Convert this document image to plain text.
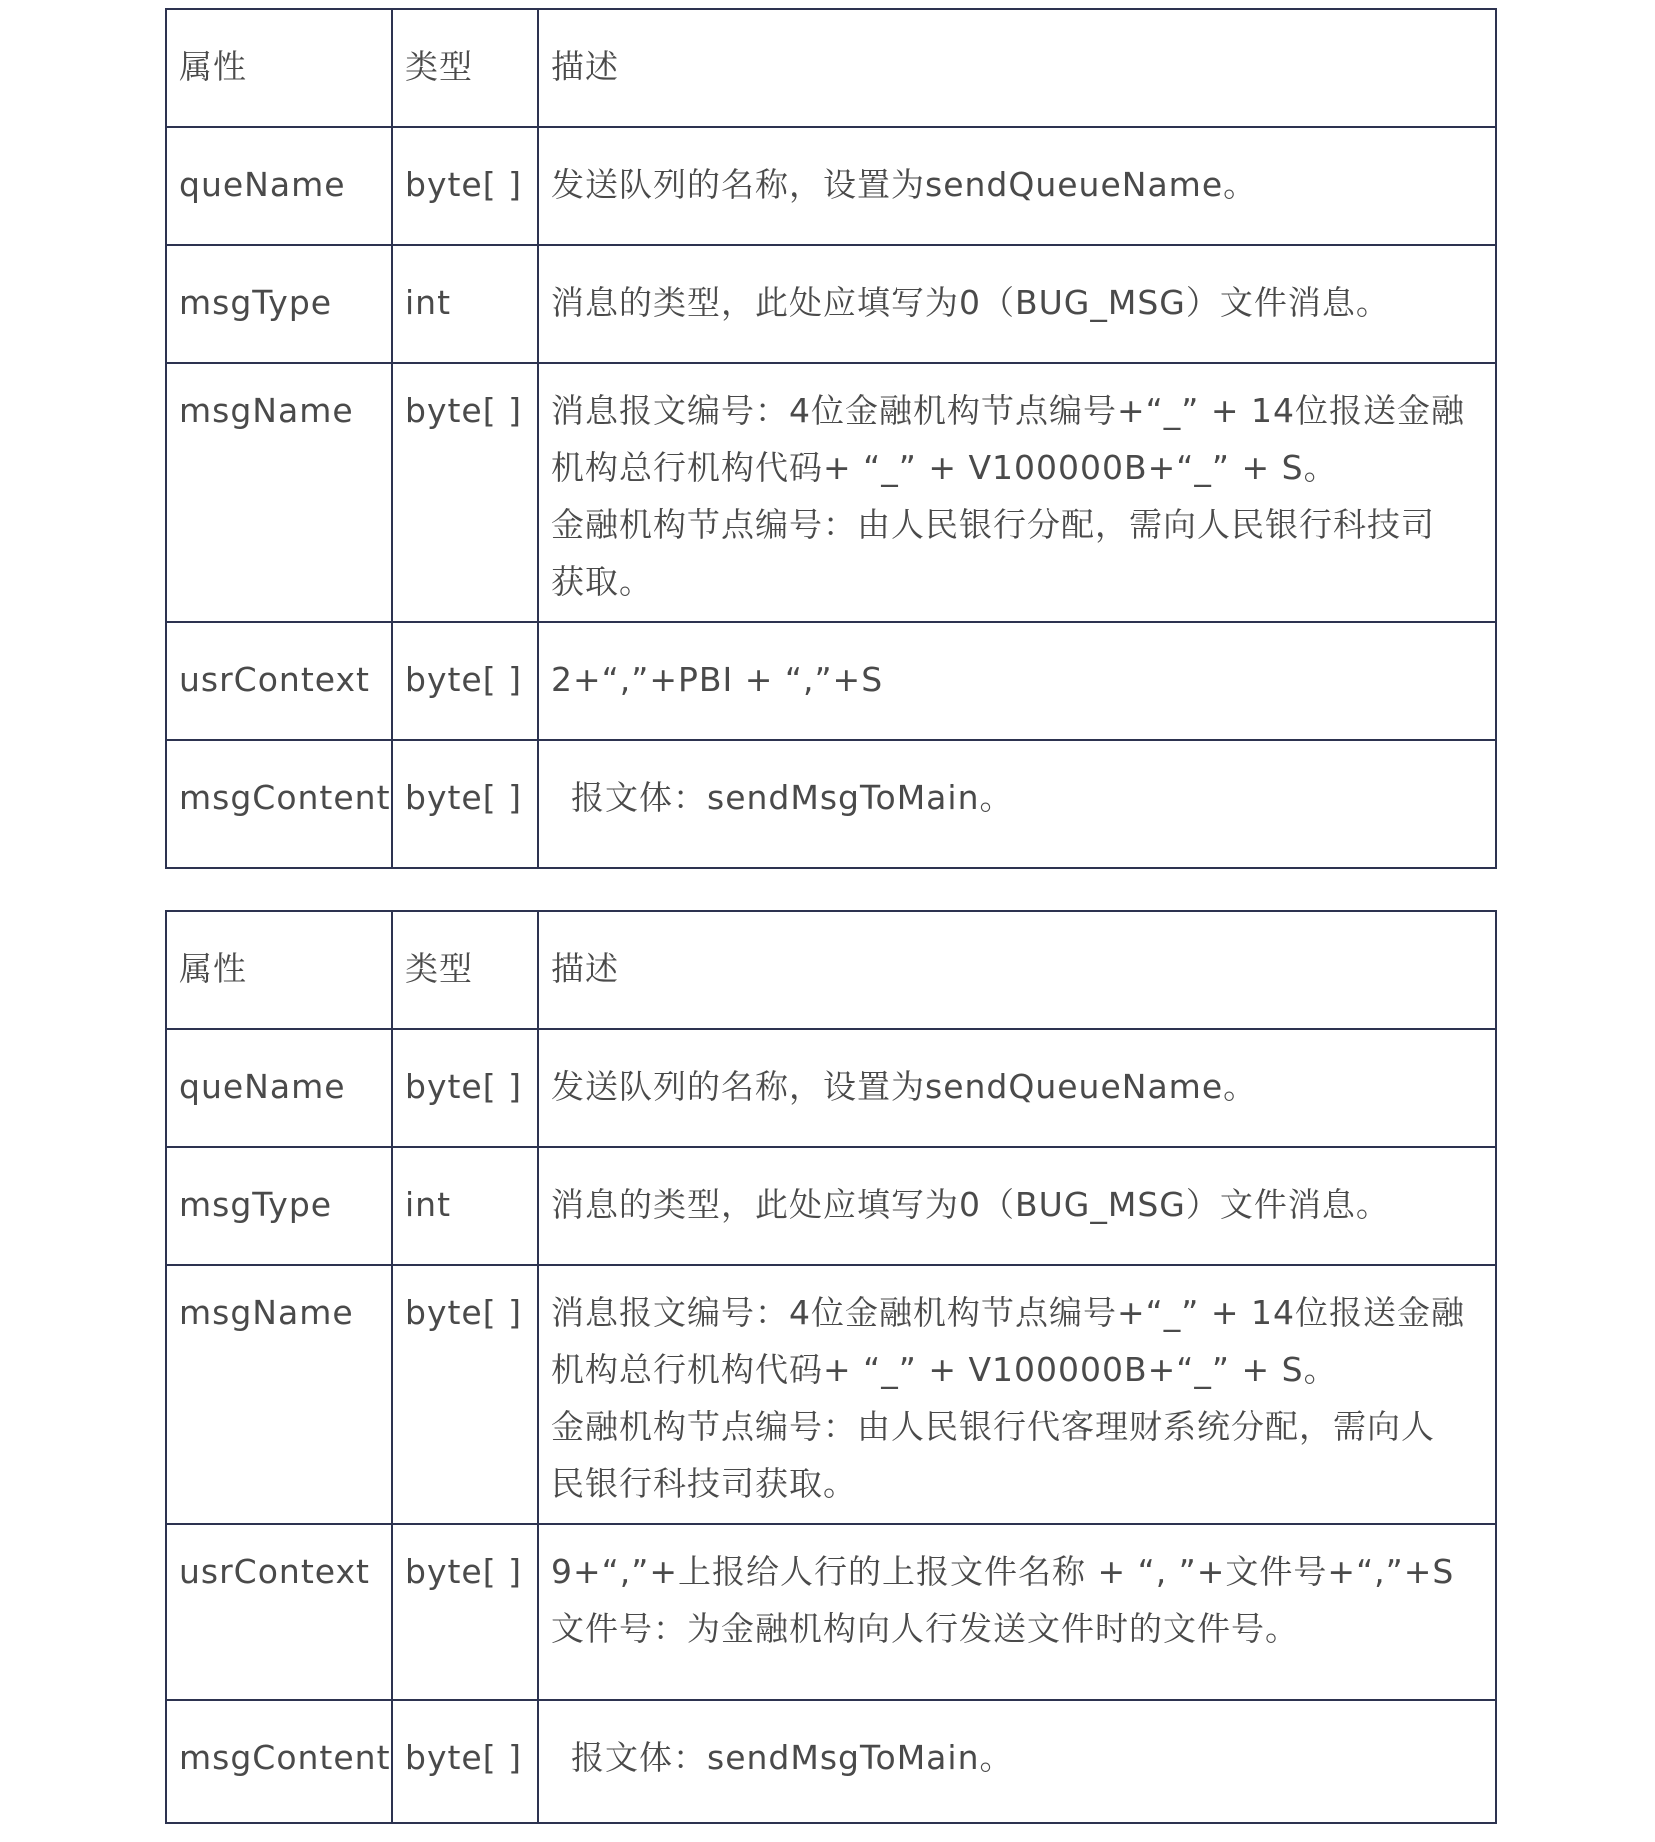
属性	类型	描述
queName	byte[ ]	发送队列的名称，设置为sendQueueName。

msgType	int	消息的类型，此处应填写为0（BUG_MSG）文件消息。

msgName	byte[ ]	消息报文编号：4位金融机构节点编号+“_” + 14位报送金融
机构总行机构代码+ “_” + V100000B+“_” + S。
金融机构节点编号：由人民银行分配，需向人民银行科技司
获取。

usrContext	byte[ ]	2+“,”+PBI + “,”+S

msgContent	byte[ ]	报文体：sendMsgToMain。
属性	类型	描述
queName	byte[ ]	发送队列的名称，设置为sendQueueName。

msgType	int	消息的类型，此处应填写为0（BUG_MSG）文件消息。

msgName	byte[ ]	消息报文编号：4位金融机构节点编号+“_” + 14位报送金融
机构总行机构代码+ “_” + V100000B+“_” + S。
金融机构节点编号：由人民银行代客理财系统分配，需向人
民银行科技司获取。

usrContext	byte[ ]	9+“,”+上报给人行的上报文件名称 + “, ”+文件号+“,”+S
文件号：为金融机构向人行发送文件时的文件号。

msgContent	byte[ ]	报文体：sendMsgToMain。
